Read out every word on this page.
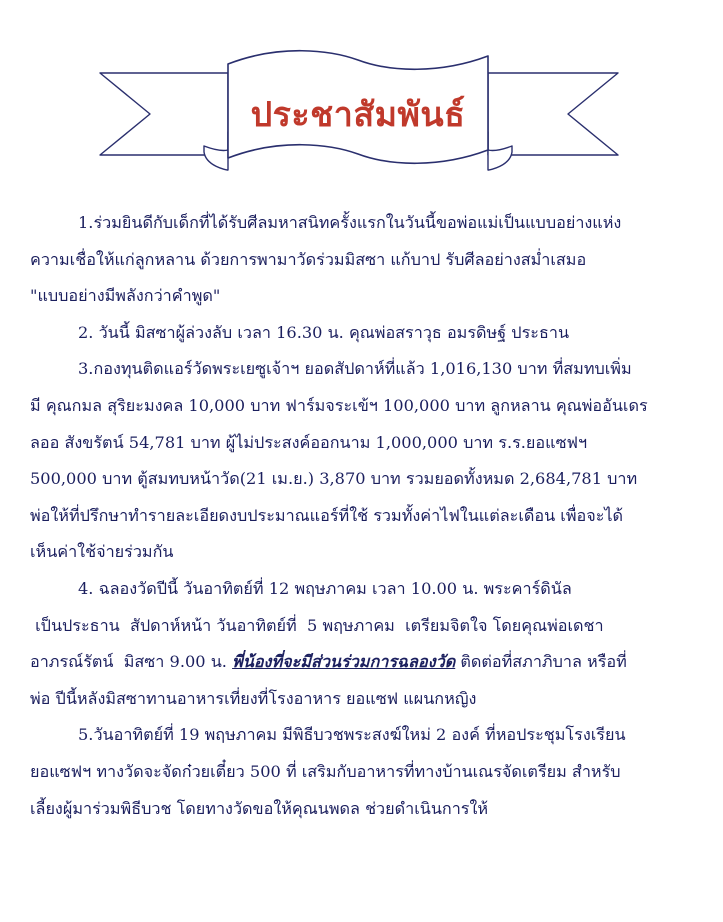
ประชาสัมพันธ์
1.ร่วมยินดีกับเด็กที่ได้รับศีลมหาสนิทครั้งแรกในวันนี้ขอพ่อแม่เป็นแบบอย่างแห่ง
ความเชื่อให้แก่ลูกหลาน ด้วยการพามาวัดร่วมมิสซา แก้บาป รับศีลอย่างสม่ำเสมอ
"แบบอย่างมีพลังกว่าคำพูด"
2. วันนี้ มิสซาผู้ล่วงลับ เวลา 16.30 น. คุณพ่อสราวุธ อมรดิษฐ์ ประธาน
3.กองทุนติดแอร์วัดพระเยซูเจ้าฯ ยอดสัปดาห์ที่แล้ว 1,016,130 บาท ที่สมทบเพิ่ม
มี คุณกมล สุริยะมงคล 10,000 บาท ฟาร์มจระเข้ฯ 100,000 บาท ลูกหลาน คุณพ่ออันเดร
ลออ สังขรัตน์ 54,781 บาท ผู้ไม่ประสงค์ออกนาม 1,000,000 บาท ร.ร.ยอแซฟฯ
500,000 บาท ตู้สมทบหน้าวัด(21 เม.ย.) 3,870 บาท รวมยอดทั้งหมด 2,684,781 บาท
พ่อให้ที่ปรึกษาทำรายละเอียดงบประมาณแอร์ที่ใช้ รวมทั้งค่าไฟในแต่ละเดือน เพื่อจะได้
เห็นค่าใช้จ่ายร่วมกัน
4. ฉลองวัดปีนี้ วันอาทิตย์ที่ 12 พฤษภาคม เวลา 10.00 น. พระคาร์ดินัล
เป็นประธาน  สัปดาห์หน้า วันอาทิตย์ที่  5 พฤษภาคม  เตรียมจิตใจ โดยคุณพ่อเดชา
อาภรณ์รัตน์  มิสซา 9.00 น. พี่น้องที่จะมีส่วนร่วมการฉลองวัด ติดต่อที่สภาภิบาล หรือที่
พ่อ ปีนี้หลังมิสซาทานอาหารเที่ยงที่โรงอาหาร ยอแซฟ แผนกหญิง
5.วันอาทิตย์ที่ 19 พฤษภาคม มีพิธีบวชพระสงฆ์ใหม่ 2 องค์ ที่หอประชุมโรงเรียน
ยอแซฟฯ ทางวัดจะจัดก๋วยเตี๋ยว 500 ที่ เสริมกับอาหารที่ทางบ้านเณรจัดเตรียม สำหรับ
เลี้ยงผู้มาร่วมพิธีบวช โดยทางวัดขอให้คุณนพดล ช่วยดำเนินการให้
